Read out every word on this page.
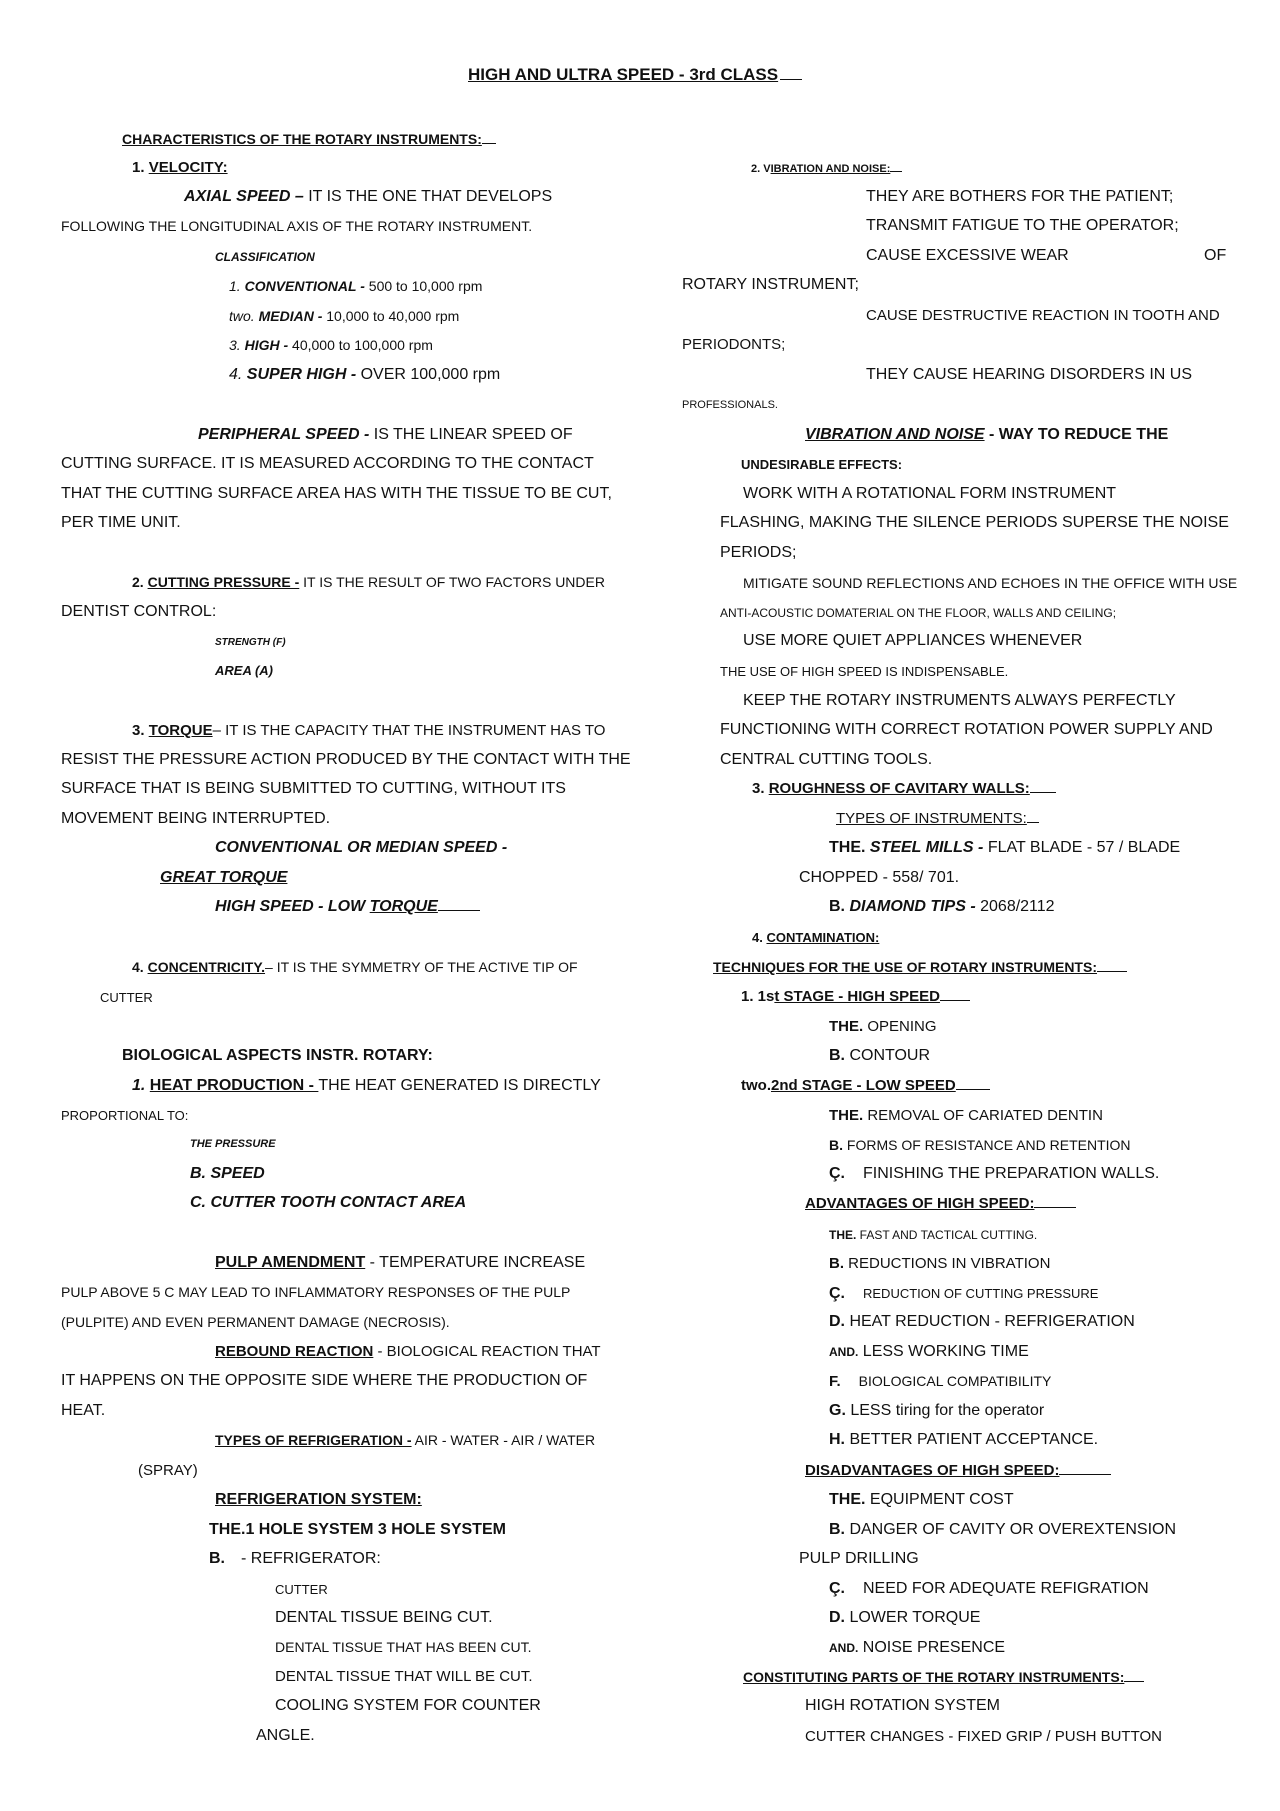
HIGH AND ULTRA SPEED - 3rd CLASS
CHARACTERISTICS OF THE ROTARY INSTRUMENTS:
1. VELOCITY:
AXIAL SPEED – IT IS THE ONE THAT DEVELOPS
FOLLOWING THE LONGITUDINAL AXIS OF THE ROTARY INSTRUMENT.
CLASSIFICATION
1. CONVENTIONAL - 500 to 10,000 rpm
two. MEDIAN - 10,000 to 40,000 rpm
3. HIGH - 40,000 to 100,000 rpm
4. SUPER HIGH - OVER 100,000 rpm
PERIPHERAL SPEED - IS THE LINEAR SPEED OF
CUTTING SURFACE. IT IS MEASURED ACCORDING TO THE CONTACT
THAT THE CUTTING SURFACE AREA HAS WITH THE TISSUE TO BE CUT,
PER TIME UNIT.
2. CUTTING PRESSURE - IT IS THE RESULT OF TWO FACTORS UNDER
DENTIST CONTROL:
STRENGTH (F)
AREA (A)
3. TORQUE– IT IS THE CAPACITY THAT THE INSTRUMENT HAS TO
RESIST THE PRESSURE ACTION PRODUCED BY THE CONTACT WITH THE
SURFACE THAT IS BEING SUBMITTED TO CUTTING, WITHOUT ITS
MOVEMENT BEING INTERRUPTED.
CONVENTIONAL OR MEDIAN SPEED -
GREAT TORQUE
HIGH SPEED - LOW TORQUE
4. CONCENTRICITY.– IT IS THE SYMMETRY OF THE ACTIVE TIP OF
CUTTER
BIOLOGICAL ASPECTS INSTR. ROTARY:
1. HEAT PRODUCTION - THE HEAT GENERATED IS DIRECTLY
PROPORTIONAL TO:
THE PRESSURE
B. SPEED
C. CUTTER TOOTH CONTACT AREA
PULP AMENDMENT - TEMPERATURE INCREASE
PULP ABOVE 5 C MAY LEAD TO INFLAMMATORY RESPONSES OF THE PULP
(PULPITE) AND EVEN PERMANENT DAMAGE (NECROSIS).
REBOUND REACTION - BIOLOGICAL REACTION THAT
IT HAPPENS ON THE OPPOSITE SIDE WHERE THE PRODUCTION OF
HEAT.
TYPES OF REFRIGERATION - AIR - WATER - AIR / WATER
(SPRAY)
REFRIGERATION SYSTEM:
THE.1 HOLE SYSTEM 3 HOLE SYSTEM
B. - REFRIGERATOR:
CUTTER
DENTAL TISSUE BEING CUT.
DENTAL TISSUE THAT HAS BEEN CUT.
DENTAL TISSUE THAT WILL BE CUT.
COOLING SYSTEM FOR COUNTER
ANGLE.
2. VIBRATION AND NOISE:
THEY ARE BOTHERS FOR THE PATIENT;
TRANSMIT FATIGUE TO THE OPERATOR;
CAUSE EXCESSIVE WEAR	OF
ROTARY INSTRUMENT;
CAUSE DESTRUCTIVE REACTION IN TOOTH AND
PERIODONTS;
THEY CAUSE HEARING DISORDERS IN US
PROFESSIONALS.
VIBRATION AND NOISE - WAY TO REDUCE THE
UNDESIRABLE EFFECTS:
WORK WITH A ROTATIONAL FORM INSTRUMENT
FLASHING, MAKING THE SILENCE PERIODS SUPERSE THE NOISE
PERIODS;
MITIGATE SOUND REFLECTIONS AND ECHOES IN THE OFFICE WITH USE
ANTI-ACOUSTIC DOMATERIAL ON THE FLOOR, WALLS AND CEILING;
USE MORE QUIET APPLIANCES WHENEVER
THE USE OF HIGH SPEED IS INDISPENSABLE.
KEEP THE ROTARY INSTRUMENTS ALWAYS PERFECTLY
FUNCTIONING WITH CORRECT ROTATION POWER SUPPLY AND
CENTRAL CUTTING TOOLS.
3. ROUGHNESS OF CAVITARY WALLS:
TYPES OF INSTRUMENTS:
THE. STEEL MILLS - FLAT BLADE - 57 / BLADE
CHOPPED - 558/ 701.
B. DIAMOND TIPS - 2068/2112
4. CONTAMINATION:
TECHNIQUES FOR THE USE OF ROTARY INSTRUMENTS:
1. 1st STAGE - HIGH SPEED
THE. OPENING
B. CONTOUR
two.2nd STAGE - LOW SPEED
THE. REMOVAL OF CARIATED DENTIN
B. FORMS OF RESISTANCE AND RETENTION
Ç. FINISHING THE PREPARATION WALLS.
ADVANTAGES OF HIGH SPEED:
THE. FAST AND TACTICAL CUTTING.
B. REDUCTIONS IN VIBRATION
Ç. REDUCTION OF CUTTING PRESSURE
D. HEAT REDUCTION - REFRIGERATION
AND. LESS WORKING TIME
F. BIOLOGICAL COMPATIBILITY
G. LESS tiring for the operator
H. BETTER PATIENT ACCEPTANCE.
DISADVANTAGES OF HIGH SPEED:
THE. EQUIPMENT COST
B. DANGER OF CAVITY OR OVEREXTENSION
PULP DRILLING
Ç. NEED FOR ADEQUATE REFIGRATION
D. LOWER TORQUE
AND. NOISE PRESENCE
CONSTITUTING PARTS OF THE ROTARY INSTRUMENTS:
HIGH ROTATION SYSTEM
CUTTER CHANGES - FIXED GRIP / PUSH BUTTON
